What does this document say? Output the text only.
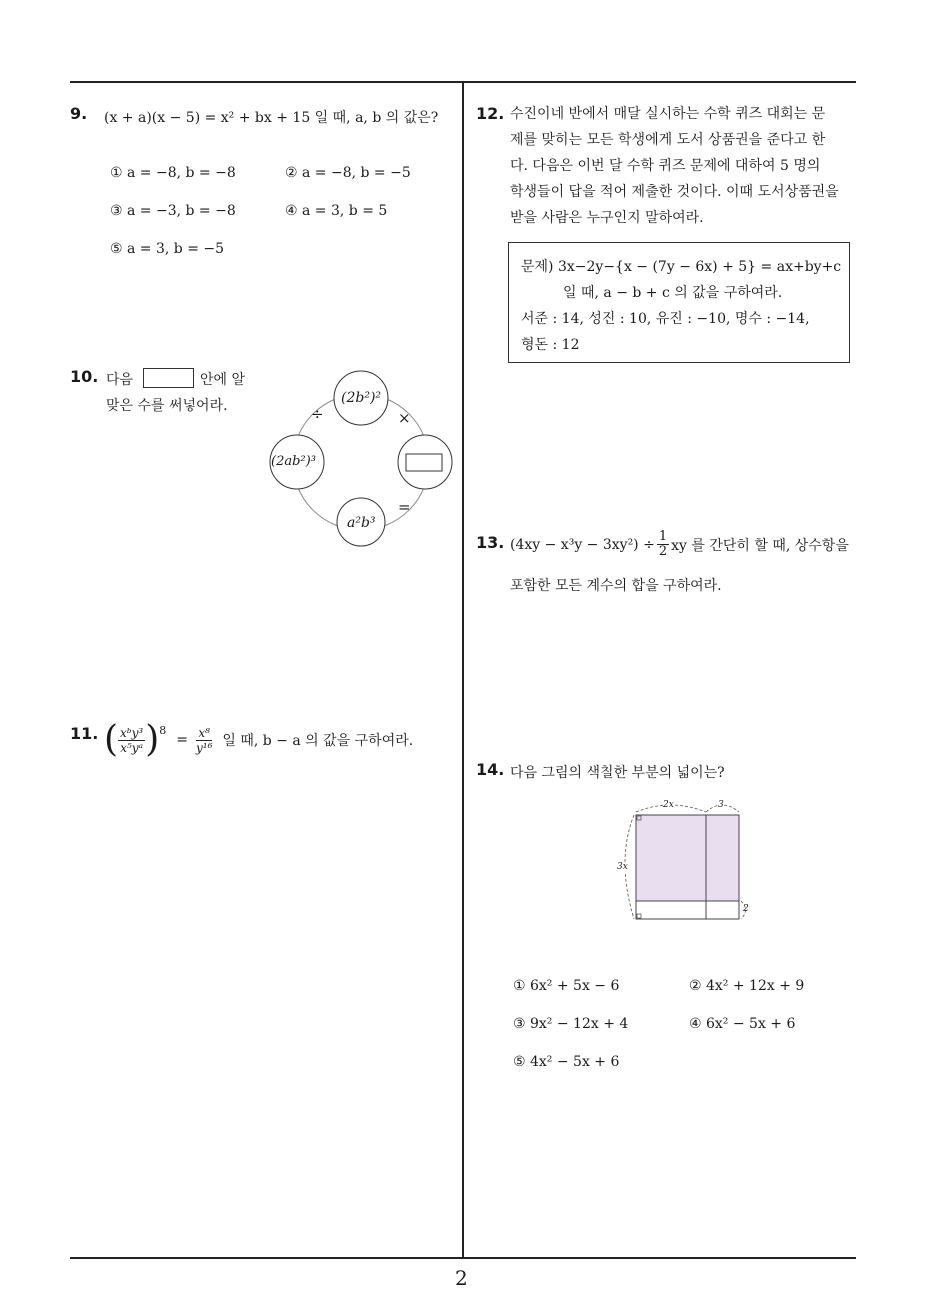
2
9. (x + a)(x − 5) = x² + bx + 15 일 때, a, b 의 값은?
① a = −8, b = −8	② a = −8, b = −5
③ a = −3, b = −8	④ a = 3, b = 5
⑤ a = 3, b = −5
10. 다음	안에 알
맞은 수를 써넣어라.	(2b²)²
(2ab²)³
a²b³
÷	×
=
11. ( $\frac{\text{xᵇy³}}{\text{x⁵yᵃ}}$ ) 8
= $\frac{\text{x⁸}}{\text{y¹⁶}}$ 일 때, b − a 의 값을 구하여라.
12. 수진이네 반에서 매달 실시하는 수학 퀴즈 대회는 문
제를 맞히는 모든 학생에게 도서 상품권을 준다고 한
다. 다음은 이번 달 수학 퀴즈 문제에 대하여 5 명의
학생들이 답을 적어 제출한 것이다. 이때 도서상품권을
받을 사람은 누구인지 말하여라.
문제) 3x−2y−{x − (7y − 6x) + 5} = ax+by+c
일 때, a − b + c 의 값을 구하여라.
서준 : 14, 성진 : 10, 유진 : −10, 명수 : −14,
형돈 : 12
13. $(4xy - x^3y - 3xy^2) \div \frac{1}{2}$ xy 를 간단히 할 때, 상수항을
포함한 모든 계수의 합을 구하여라.
14. 다음 그림의 색칠한 부분의 넓이는?
2x	3
3x
2
① 6x² + 5x − 6	② 4x² + 12x + 9
③ 9x² − 12x + 4	④ 6x² − 5x + 6
⑤ 4x² − 5x + 6
